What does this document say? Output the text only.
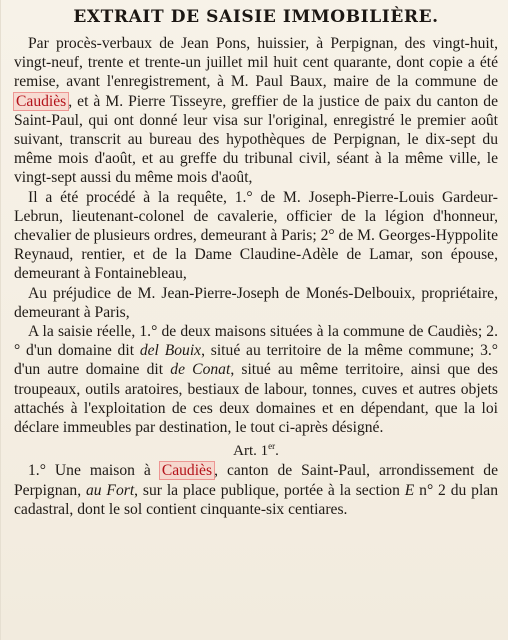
EXTRAIT DE SAISIE IMMOBILIÈRE.

Par procès-verbaux de Jean Pons, huissier, à Perpignan, des vingt-huit, vingt-neuf, trente et trente-un juillet mil huit cent quarante, dont copie a été remise, avant l'enregistrement, à M. Paul Baux, maire de la commune de Caudiès , et à M. Pierre Tisseyre, greffier de la justice de paix du canton de Saint-Paul, qui ont donné leur visa sur l'original, enregistré le premier août suivant, transcrit au bureau des hypothèques de Perpignan, le dix-sept du même mois d'août, et au greffe du tribunal civil, séant à la même ville, le vingt-sept aussi du même mois d'août,

Il a été procédé à la requête, 1.° de M. Joseph-Pierre-Louis Gardeur-Lebrun, lieutenant-colonel de cavalerie, officier de la légion d'honneur, chevalier de plusieurs ordres, demeurant à Paris; 2° de M. Georges-Hyppolite Reynaud, rentier, et de la Dame Claudine-Adèle de Lamar, son épouse, demeurant à Fontainebleau,

Au préjudice de M. Jean-Pierre-Joseph de Monés-Delbouix, propriétaire, demeurant à Paris,

A la saisie réelle, 1.° de deux maisons situées à la commune de Caudiès; 2.° d'un domaine dit del Bouix, situé au territoire de la même commune; 3.° d'un autre domaine dit de Conat, situé au même territoire, ainsi que des troupeaux, outils aratoires, bestiaux de labour, tonnes, cuves et autres objets attachés à l'exploitation de ces deux domaines et en dépendant, que la loi déclare immeubles par destination, le tout ci-après désigné.

Art. 1er.

1.° Une maison à Caudiès , canton de Saint-Paul, arrondissement de Perpignan, au Fort, sur la place publique, portée à la section E n° 2 du plan cadastral, dont le sol contient cinquante-six centiares.
